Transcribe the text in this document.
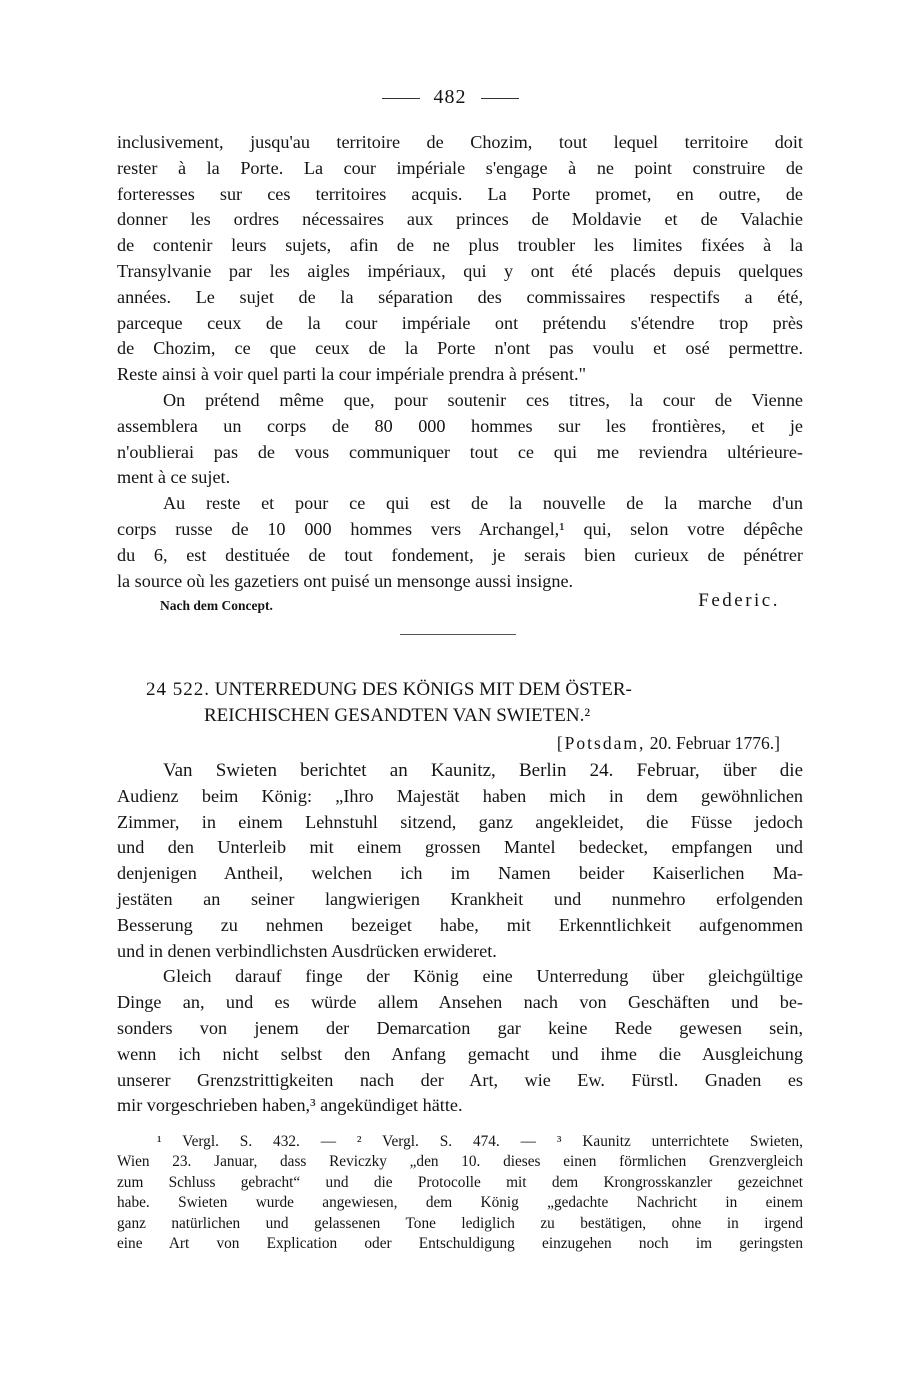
482
inclusivement, jusqu'au territoire de Chozim, tout lequel territoire doit
rester à la Porte. La cour impériale s'engage à ne point construire de
forteresses sur ces territoires acquis. La Porte promet, en outre, de
donner les ordres nécessaires aux princes de Moldavie et de Valachie
de contenir leurs sujets, afin de ne plus troubler les limites fixées à la
Transylvanie par les aigles impériaux, qui y ont été placés depuis quelques
années. Le sujet de la séparation des commissaires respectifs a été,
parceque ceux de la cour impériale ont prétendu s'étendre trop près
de Chozim, ce que ceux de la Porte n'ont pas voulu et osé permettre.
Reste ainsi à voir quel parti la cour impériale prendra à présent."
On prétend même que, pour soutenir ces titres, la cour de Vienne
assemblera un corps de 80 000 hommes sur les frontières, et je
n'oublierai pas de vous communiquer tout ce qui me reviendra ultérieure-
ment à ce sujet.
Au reste et pour ce qui est de la nouvelle de la marche d'un
corps russe de 10 000 hommes vers Archangel,¹ qui, selon votre dépêche
du 6, est destituée de tout fondement, je serais bien curieux de pénétrer
la source où les gazetiers ont puisé un mensonge aussi insigne.
Nach dem Concept.	Federic.
24 522. UNTERREDUNG DES KÖNIGS MIT DEM ÖSTER-
REICHISCHEN GESANDTEN VAN SWIETEN.²
[Potsdam, 20. Februar 1776.]
Van Swieten berichtet an Kaunitz, Berlin 24. Februar, über die
Audienz beim König: „Ihro Majestät haben mich in dem gewöhnlichen
Zimmer, in einem Lehnstuhl sitzend, ganz angekleidet, die Füsse jedoch
und den Unterleib mit einem grossen Mantel bedecket, empfangen und
denjenigen Antheil, welchen ich im Namen beider Kaiserlichen Ma-
jestäten an seiner langwierigen Krankheit und nunmehro erfolgenden
Besserung zu nehmen bezeiget habe, mit Erkenntlichkeit aufgenommen
und in denen verbindlichsten Ausdrücken erwideret.
Gleich darauf finge der König eine Unterredung über gleichgültige
Dinge an, und es würde allem Ansehen nach von Geschäften und be-
sonders von jenem der Demarcation gar keine Rede gewesen sein,
wenn ich nicht selbst den Anfang gemacht und ihme die Ausgleichung
unserer Grenzstrittigkeiten nach der Art, wie Ew. Fürstl. Gnaden es
mir vorgeschrieben haben,³ angekündiget hätte.
¹ Vergl. S. 432. — ² Vergl. S. 474. — ³ Kaunitz unterrichtete Swieten,
Wien 23. Januar, dass Reviczky „den 10. dieses einen förmlichen Grenzvergleich
zum Schluss gebracht“ und die Protocolle mit dem Krongrosskanzler gezeichnet
habe. Swieten wurde angewiesen, dem König „gedachte Nachricht in einem
ganz natürlichen und gelassenen Tone lediglich zu bestätigen, ohne in irgend
eine Art von Explication oder Entschuldigung einzugehen noch im geringsten
